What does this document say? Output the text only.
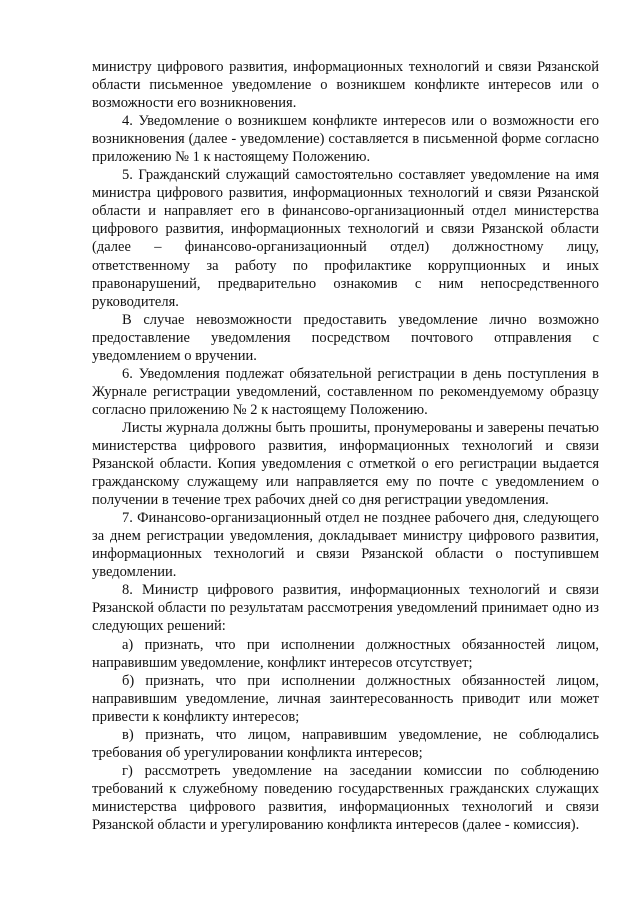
министру цифрового развития, информационных технологий и связи Рязанской области письменное уведомление о возникшем конфликте интересов или о возможности его возникновения.

4. Уведомление о возникшем конфликте интересов или о возможности его возникновения (далее - уведомление) составляется в письменной форме согласно приложению № 1 к настоящему Положению.

5. Гражданский служащий самостоятельно составляет уведомление на имя министра цифрового развития, информационных технологий и связи Рязанской области и направляет его в финансово-организационный отдел министерства цифрового развития, информационных технологий и связи Рязанской области (далее – финансово-организационный отдел) должностному лицу, ответственному за работу по профилактике коррупционных и иных правонарушений, предварительно ознакомив с ним непосредственного руководителя.

В случае невозможности предоставить уведомление лично возможно предоставление уведомления посредством почтового отправления с уведомлением о вручении.

6. Уведомления подлежат обязательной регистрации в день поступления в Журнале регистрации уведомлений, составленном по рекомендуемому образцу согласно приложению № 2 к настоящему Положению.

Листы журнала должны быть прошиты, пронумерованы и заверены печатью министерства цифрового развития, информационных технологий и связи Рязанской области. Копия уведомления с отметкой о его регистрации выдается гражданскому служащему или направляется ему по почте с уведомлением о получении в течение трех рабочих дней со дня регистрации уведомления.

7. Финансово-организационный отдел не позднее рабочего дня, следующего за днем регистрации уведомления, докладывает министру цифрового развития, информационных технологий и связи Рязанской области о поступившем уведомлении.

8. Министр цифрового развития, информационных технологий и связи Рязанской области по результатам рассмотрения уведомлений принимает одно из следующих решений:

а) признать, что при исполнении должностных обязанностей лицом, направившим уведомление, конфликт интересов отсутствует;

б) признать, что при исполнении должностных обязанностей лицом, направившим уведомление, личная заинтересованность приводит или может привести к конфликту интересов;

в) признать, что лицом, направившим уведомление, не соблюдались требования об урегулировании конфликта интересов;

г) рассмотреть уведомление на заседании комиссии по соблюдению требований к служебному поведению государственных гражданских служащих министерства цифрового развития, информационных технологий и связи Рязанской области и урегулированию конфликта интересов (далее - комиссия).
